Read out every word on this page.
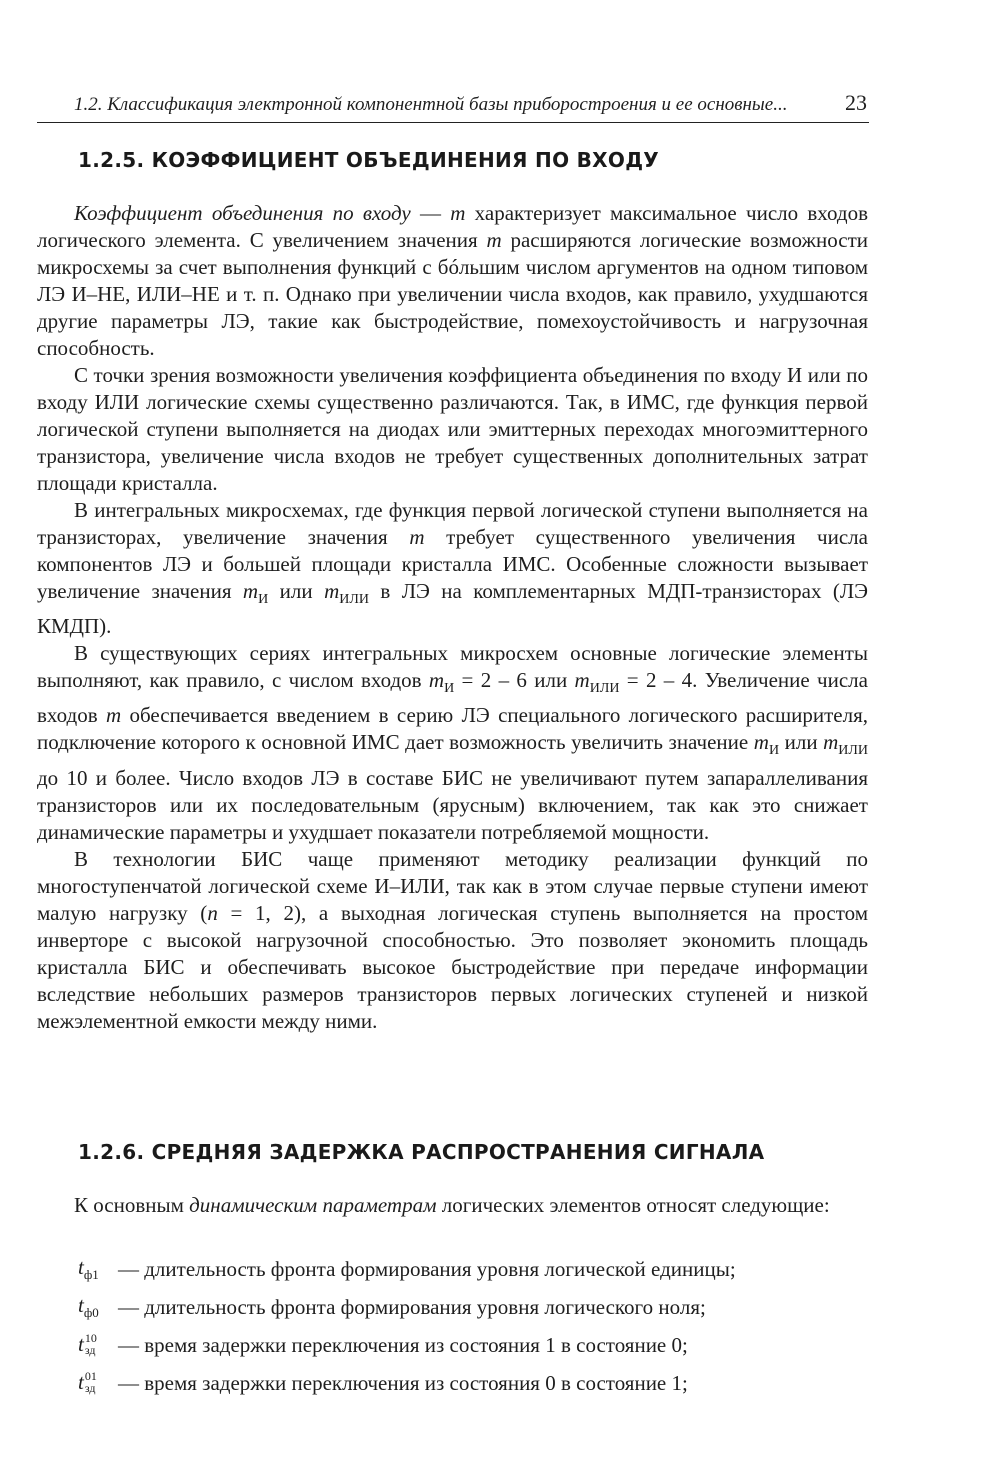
1.2. Классификация электронной компонентной базы приборостроения и ее основные...	23
1.2.5. КОЭФФИЦИЕНТ ОБЪЕДИНЕНИЯ ПО ВХОДУ

Коэффициент объединения по входу — m характеризует максимальное число входов логического элемента. С увеличением значения m расширяются логические возможности микросхемы за счет выполнения функций с бóльшим числом аргументов на одном типовом ЛЭ И–НЕ, ИЛИ–НЕ и т. п. Однако при увеличении числа входов, как правило, ухудшаются другие параметры ЛЭ, такие как быстродействие, помехоустойчивость и нагрузочная способность.

С точки зрения возможности увеличения коэффициента объединения по входу И или по входу ИЛИ логические схемы существенно различаются. Так, в ИМС, где функция первой логической ступени выполняется на диодах или эмиттерных переходах многоэмиттерного транзистора, увеличение числа входов не требует существенных дополнительных затрат площади кристалла.

В интегральных микросхемах, где функция первой логической ступени выполняется на транзисторах, увеличение значения m требует существенного увеличения числа компонентов ЛЭ и большей площади кристалла ИМС. Особенные сложности вызывает увеличение значения $m_И$ или $m_{ИЛИ}$ в ЛЭ на комплементарных МДП-транзисторах (ЛЭ КМДП).

В существующих сериях интегральных микросхем основные логические элементы выполняют, как правило, с числом входов $m_И = 2 - 6$ или $m_{ИЛИ} = 2 - 4$. Увеличение числа входов m обеспечивается введением в серию ЛЭ специального логического расширителя, подключение которого к основной ИМС дает возможность увеличить значение $m_И$ или $m_{ИЛИ}$ до 10 и более. Число входов ЛЭ в составе БИС не увеличивают путем запараллеливания транзисторов или их последовательным (ярусным) включением, так как это снижает динамические параметры и ухудшает показатели потребляемой мощности.

В технологии БИС чаще применяют методику реализации функций по многоступенчатой логической схеме И–ИЛИ, так как в этом случае первые ступени имеют малую нагрузку (n = 1, 2), а выходная логическая ступень выполняется на простом инверторе с высокой нагрузочной способностью. Это позволяет экономить площадь кристалла БИС и обеспечивать высокое быстродействие при передаче информации вследствие небольших размеров транзисторов первых логических ступеней и низкой межэлементной емкости между ними.

1.2.6. СРЕДНЯЯ ЗАДЕРЖКА РАСПРОСТРАНЕНИЯ СИГНАЛА

К основным динамическим параметрам логических элементов относят следующие:

$t_{ф1}$ — длительность фронта формирования уровня логической единицы;
$t_{ф0}$ — длительность фронта формирования уровня логического ноля;
t 10
зд — время задержки переключения из состояния 1 в состояние 0;
t 01
зд — время задержки переключения из состояния 0 в состояние 1;
